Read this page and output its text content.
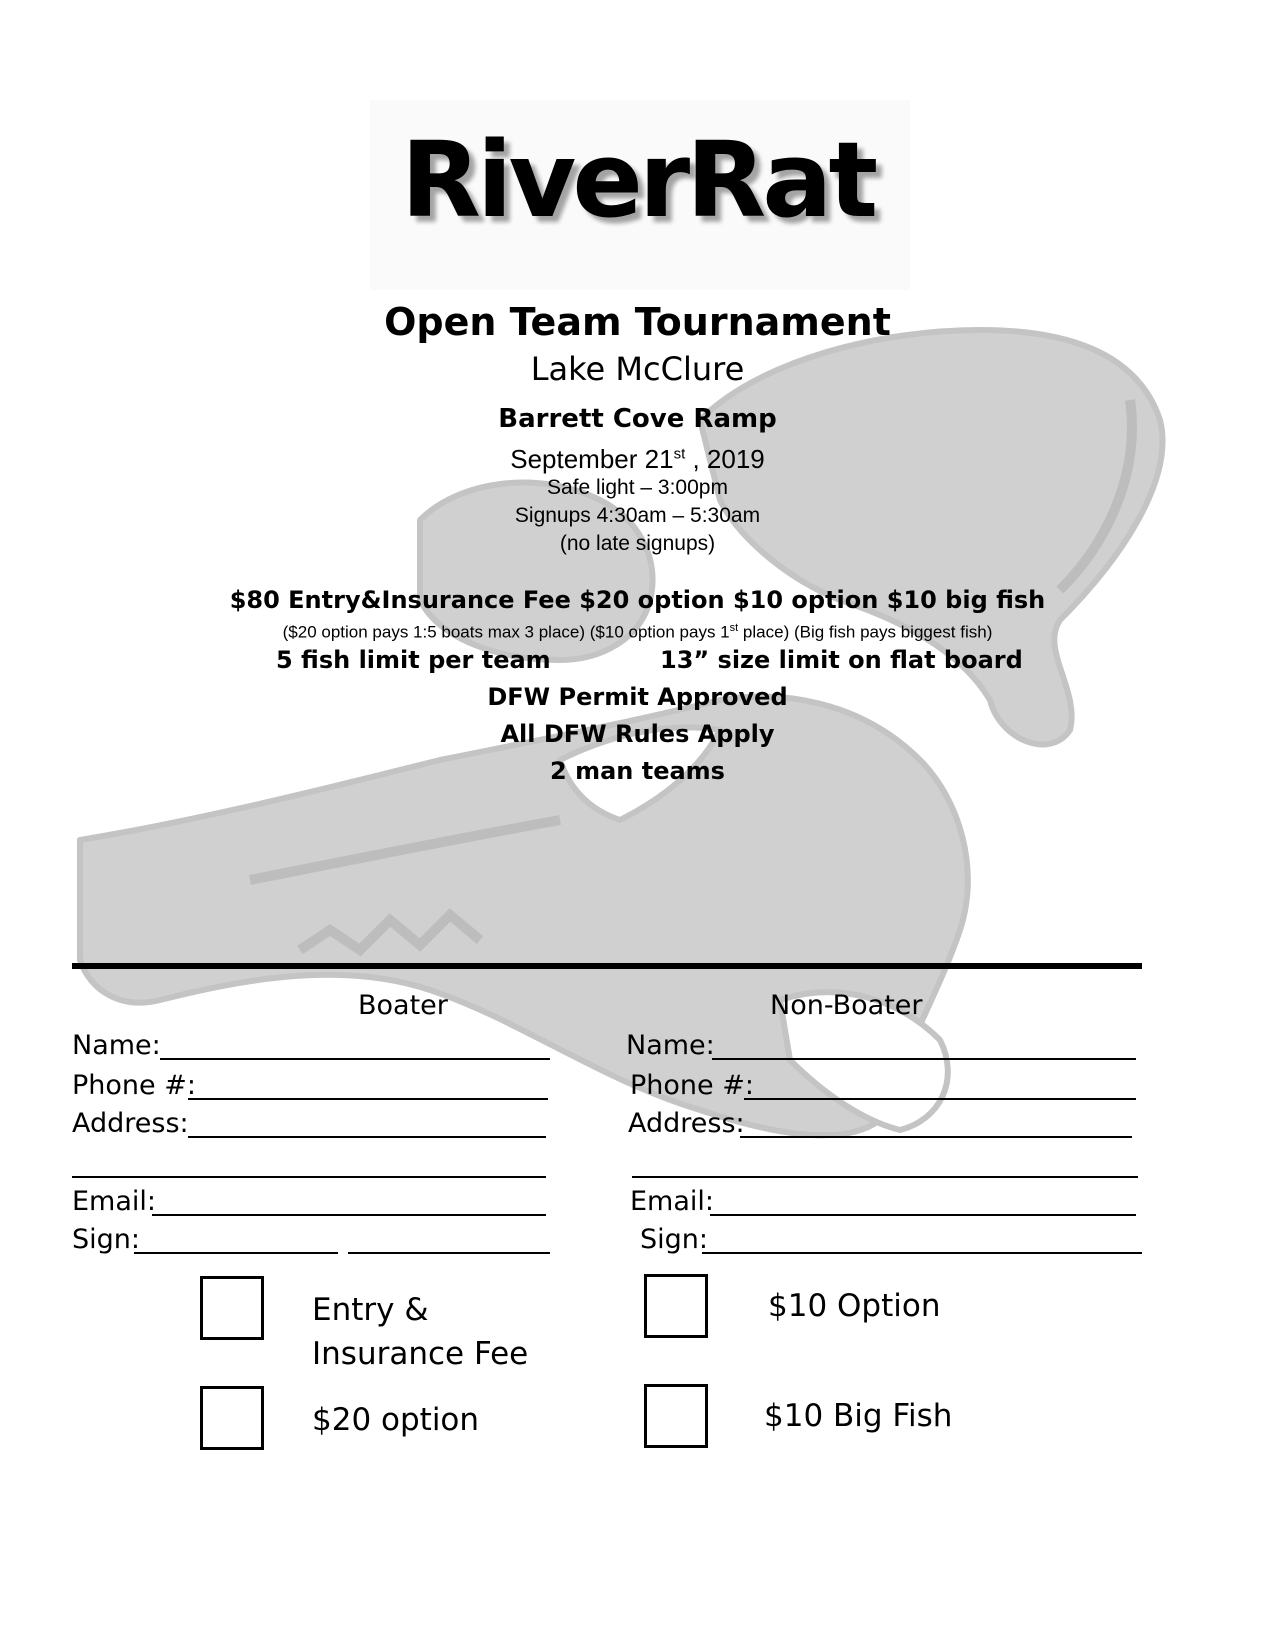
RiverRat
Open Team Tournament
Lake McClure
Barrett Cove Ramp
September 21st , 2019
Safe light – 3:00pm
Signups 4:30am – 5:30am
(no late signups)
$80 Entry&Insurance Fee $20 option $10 option $10 big fish
($20 option pays 1:5 boats max 3 place) ($10 option pays 1st place) (Big fish pays biggest fish)
5 fish limit per team	13” size limit on flat board
DFW Permit Approved
All DFW Rules Apply
2 man teams
Boater
Name:
Phone #:
Address:
Email:
Sign:
Non-Boater
Name:
Phone #:
Address:
Email:
Sign:
Entry &
Insurance Fee
$20 option
$10 Option
$10 Big Fish
